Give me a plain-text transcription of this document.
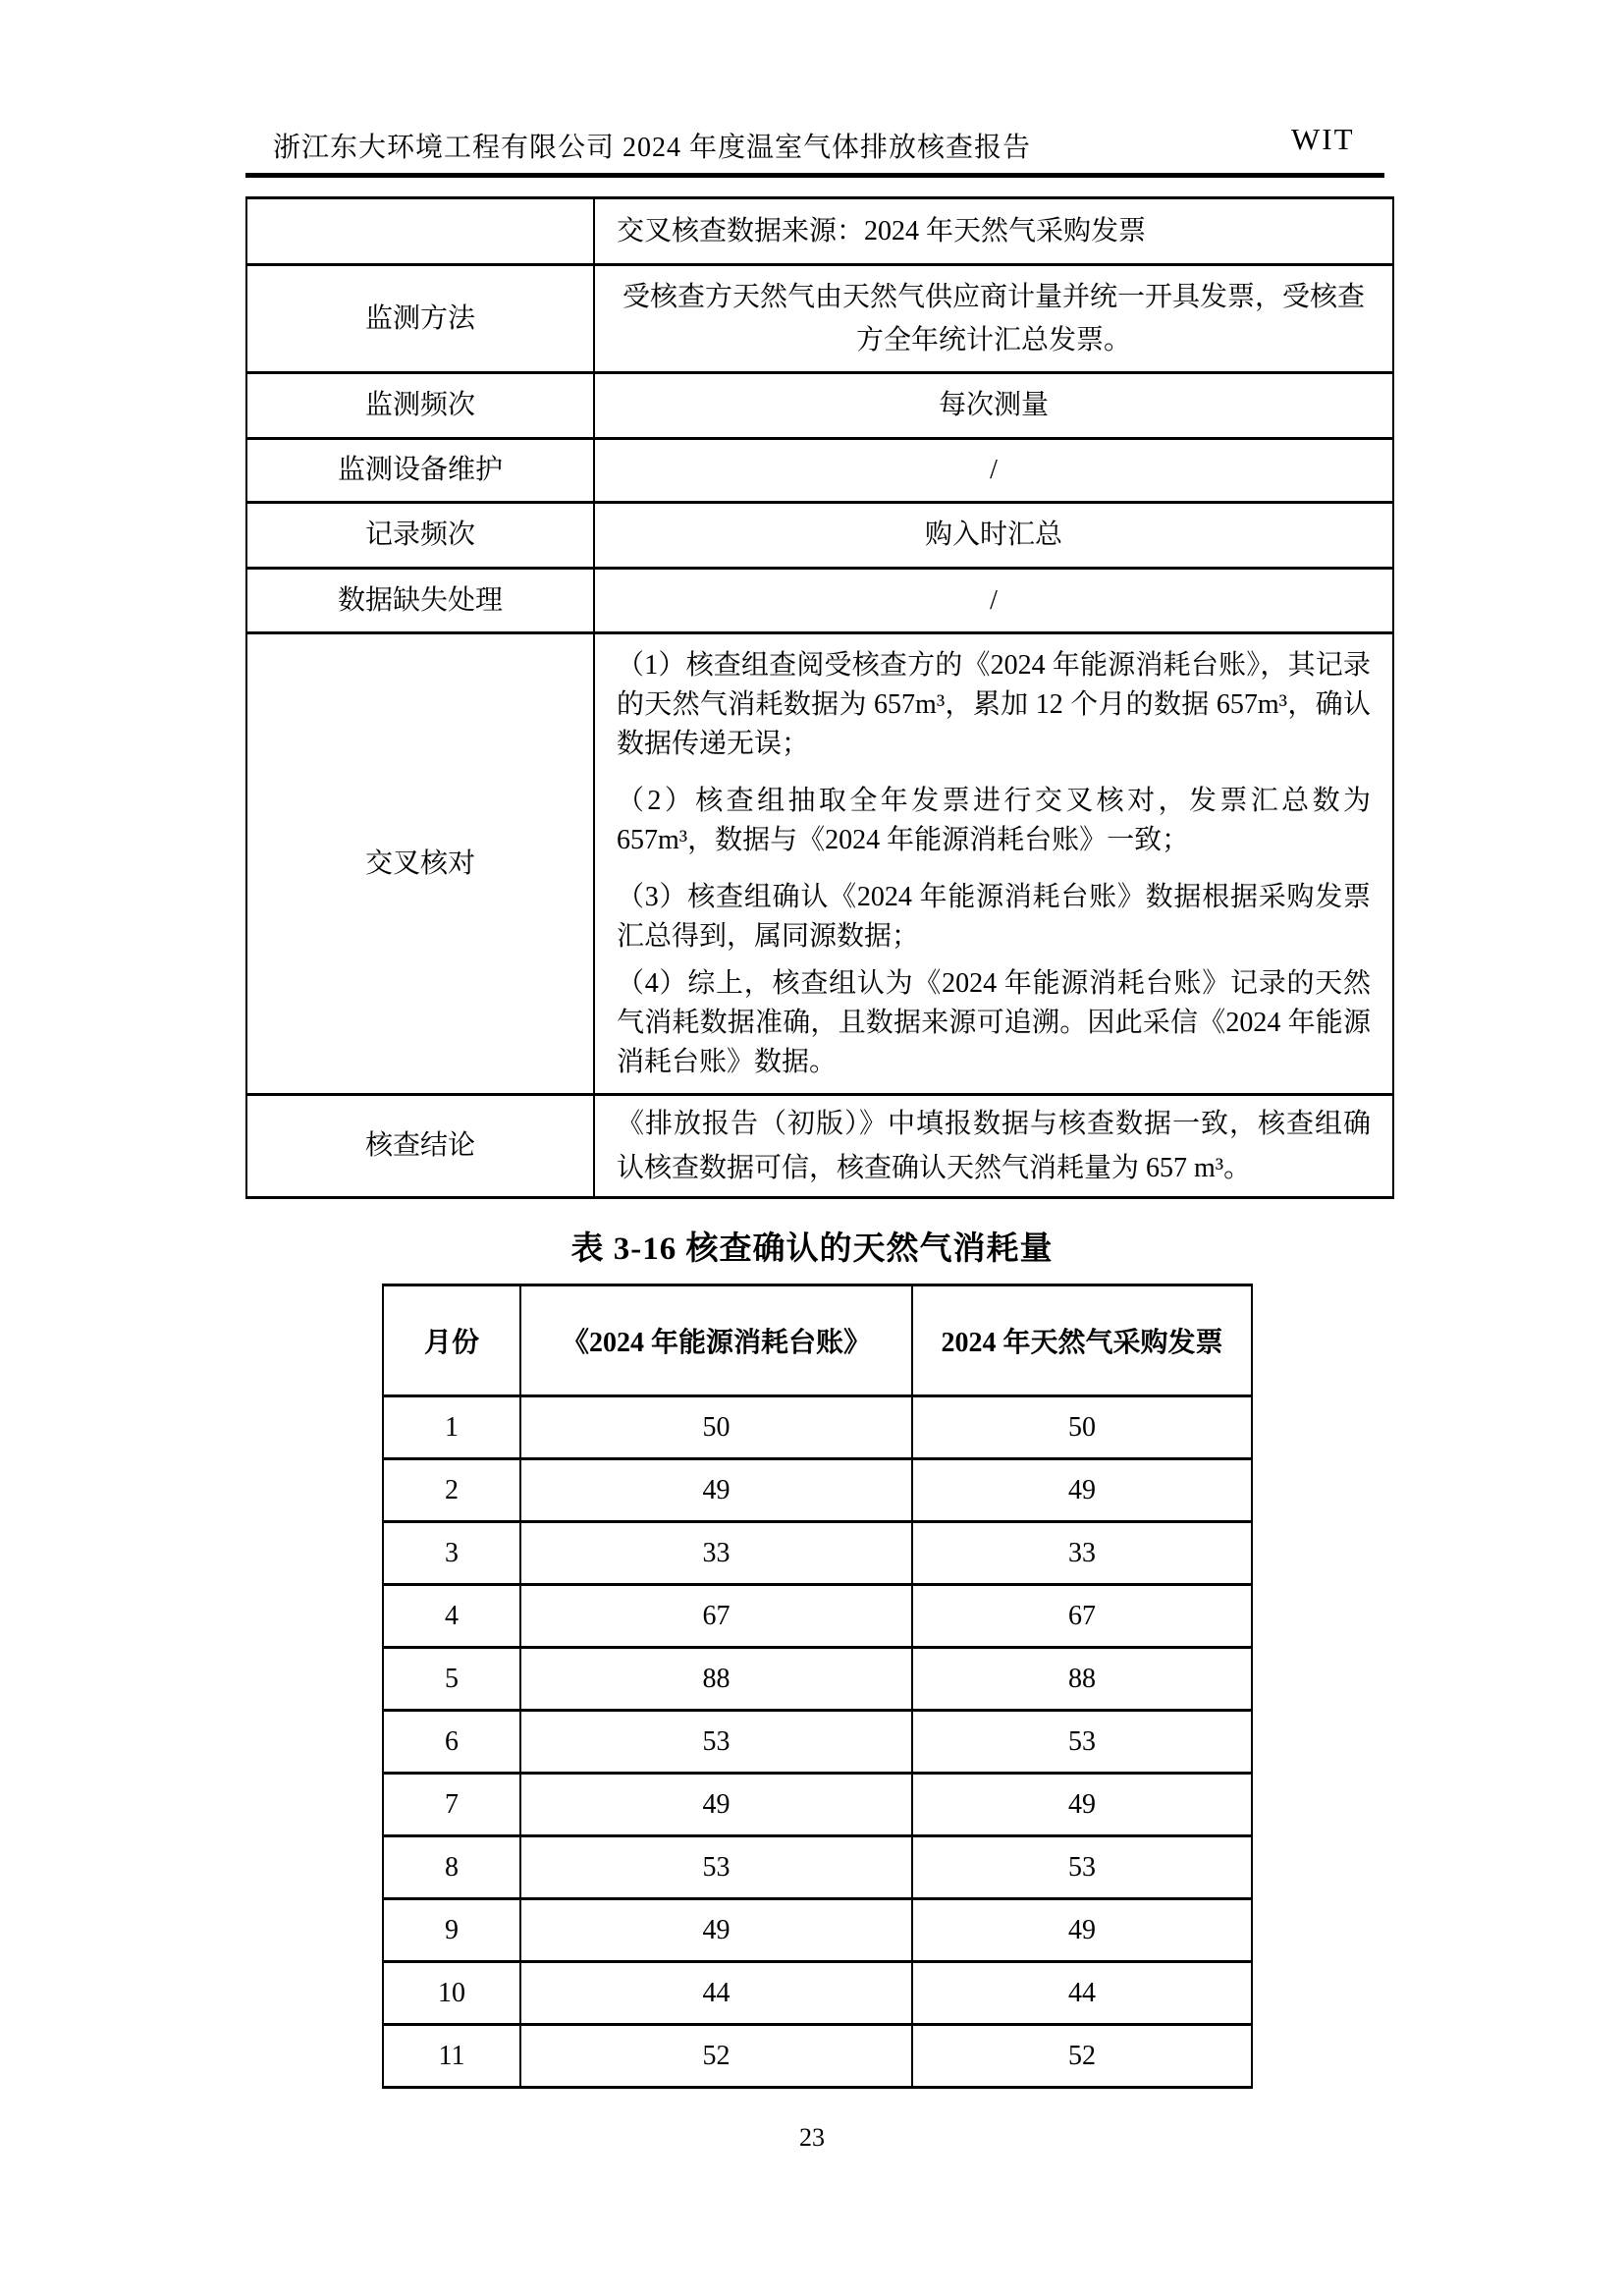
浙江东大环境工程有限公司 2024 年度温室气体排放核查报告	WIT
	交叉核查数据来源：2024 年天然气采购发票
监测方法	受核查方天然气由天然气供应商计量并统一开具发票，受核查方全年统计汇总发票。
监测频次	每次测量
监测设备维护	/
记录频次	购入时汇总
数据缺失处理	/
交叉核对	（1）核查组查阅受核查方的《2024 年能源消耗台账》，其记录的天然气消耗数据为 657m³，累加 12 个月的数据 657m³，确认数据传递无误；

（2）核查组抽取全年发票进行交叉核对，发票汇总数为 657m³，数据与《2024 年能源消耗台账》一致；

（3）核查组确认《2024 年能源消耗台账》数据根据采购发票汇总得到，属同源数据；

（4）综上，核查组认为《2024 年能源消耗台账》记录的天然气消耗数据准确，且数据来源可追溯。因此采信《2024 年能源消耗台账》数据。

核查结论	《排放报告（初版）》中填报数据与核查数据一致，核查组确认核查数据可信，核查确认天然气消耗量为 657 m³。
表 3-16 核查确认的天然气消耗量
月份	《2024 年能源消耗台账》	2024 年天然气采购发票
1	50	50
2	49	49
3	33	33
4	67	67
5	88	88
6	53	53
7	49	49
8	53	53
9	49	49
10	44	44
11	52	52
23
